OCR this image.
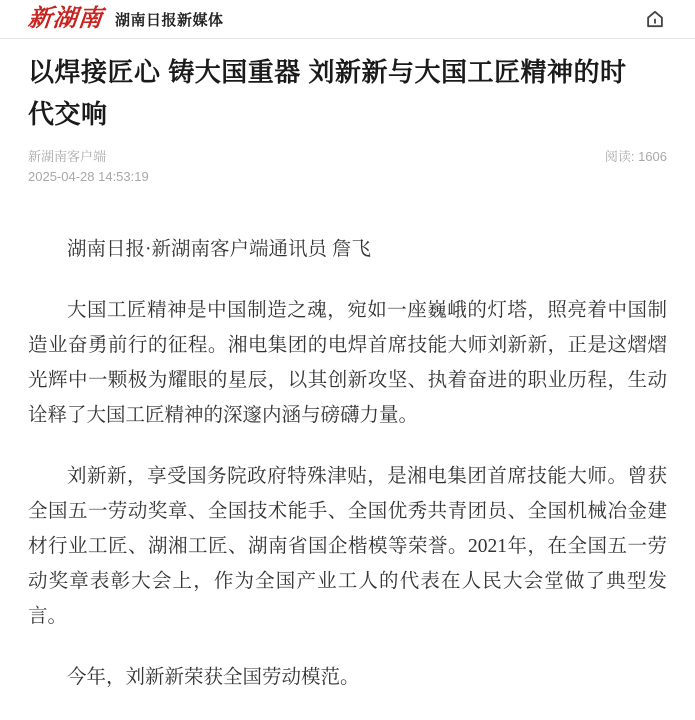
新湖南 湖南日报新媒体
以焊接匠心 铸大国重器 刘新新与大国工匠精神的时代交响
新湖南客户端
2025-04-28 14:53:19
阅读: 1606

湖南日报·新湖南客户端通讯员 詹飞

大国工匠精神是中国制造之魂，宛如一座巍峨的灯塔，照亮着中国制造业奋勇前行的征程。湘电集团的电焊首席技能大师刘新新，正是这熠熠光辉中一颗极为耀眼的星辰，以其创新攻坚、执着奋进的职业历程，生动诠释了大国工匠精神的深邃内涵与磅礴力量。

刘新新，享受国务院政府特殊津贴，是湘电集团首席技能大师。曾获全国五一劳动奖章、全国技术能手、全国优秀共青团员、全国机械冶金建材行业工匠、湖湘工匠、湖南省国企楷模等荣誉。2021年，在全国五一劳动奖章表彰大会上，作为全国产业工人的代表在人民大会堂做了典型发言。

今年，刘新新荣获全国劳动模范。
